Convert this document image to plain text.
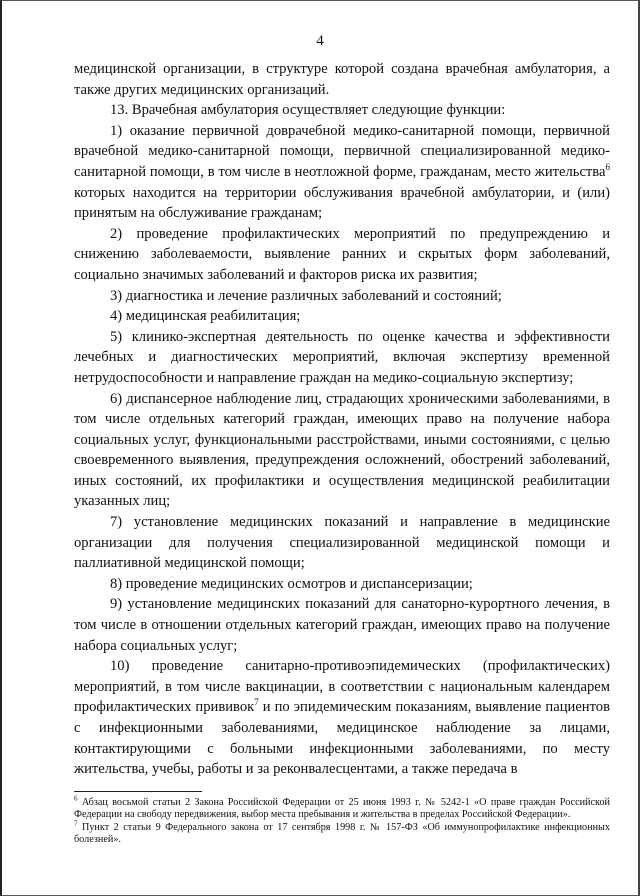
4

медицинской организации, в структуре которой создана врачебная амбулатория, а также других медицинских организаций.

13. Врачебная амбулатория осуществляет следующие функции:

1) оказание первичной доврачебной медико-санитарной помощи, первичной врачебной медико-санитарной помощи, первичной специализированной медико-санитарной помощи, в том числе в неотложной форме, гражданам, место жительства$^6$ которых находится на территории обслуживания врачебной амбулатории, и (или) принятым на обслуживание гражданам;

2) проведение профилактических мероприятий по предупреждению и снижению заболеваемости, выявление ранних и скрытых форм заболеваний, социально значимых заболеваний и факторов риска их развития;

3) диагностика и лечение различных заболеваний и состояний;

4) медицинская реабилитация;

5) клинико-экспертная деятельность по оценке качества и эффективности лечебных и диагностических мероприятий, включая экспертизу временной нетрудоспособности и направление граждан на медико-социальную экспертизу;

6) диспансерное наблюдение лиц, страдающих хроническими заболеваниями, в том числе отдельных категорий граждан, имеющих право на получение набора социальных услуг, функциональными расстройствами, иными состояниями, с целью своевременного выявления, предупреждения осложнений, обострений заболеваний, иных состояний, их профилактики и осуществления медицинской реабилитации указанных лиц;

7) установление медицинских показаний и направление в медицинские организации для получения специализированной медицинской помощи и паллиативной медицинской помощи;

8) проведение медицинских осмотров и диспансеризации;

9) установление медицинских показаний для санаторно-курортного лечения, в том числе в отношении отдельных категорий граждан, имеющих право на получение набора социальных услуг;

10) проведение санитарно-противоэпидемических (профилактических) мероприятий, в том числе вакцинации, в соответствии с национальным календарем профилактических прививок$^7$ и по эпидемическим показаниям, выявление пациентов с инфекционными заболеваниями, медицинское наблюдение за лицами, контактирующими с больными инфекционными заболеваниями, по месту жительства, учебы, работы и за реконвалесцентами, а также передача в

$^6$ Абзац восьмой статьи 2 Закона Российской Федерации от 25 июня 1993 г. № 5242-1 «О праве граждан Российской Федерации на свободу передвижения, выбор места пребывания и жительства в пределах Российской Федерации».

$^7$ Пункт 2 статьи 9 Федерального закона от 17 сентября 1998 г. № 157-ФЗ «Об иммунопрофилактике инфекционных болезней».
